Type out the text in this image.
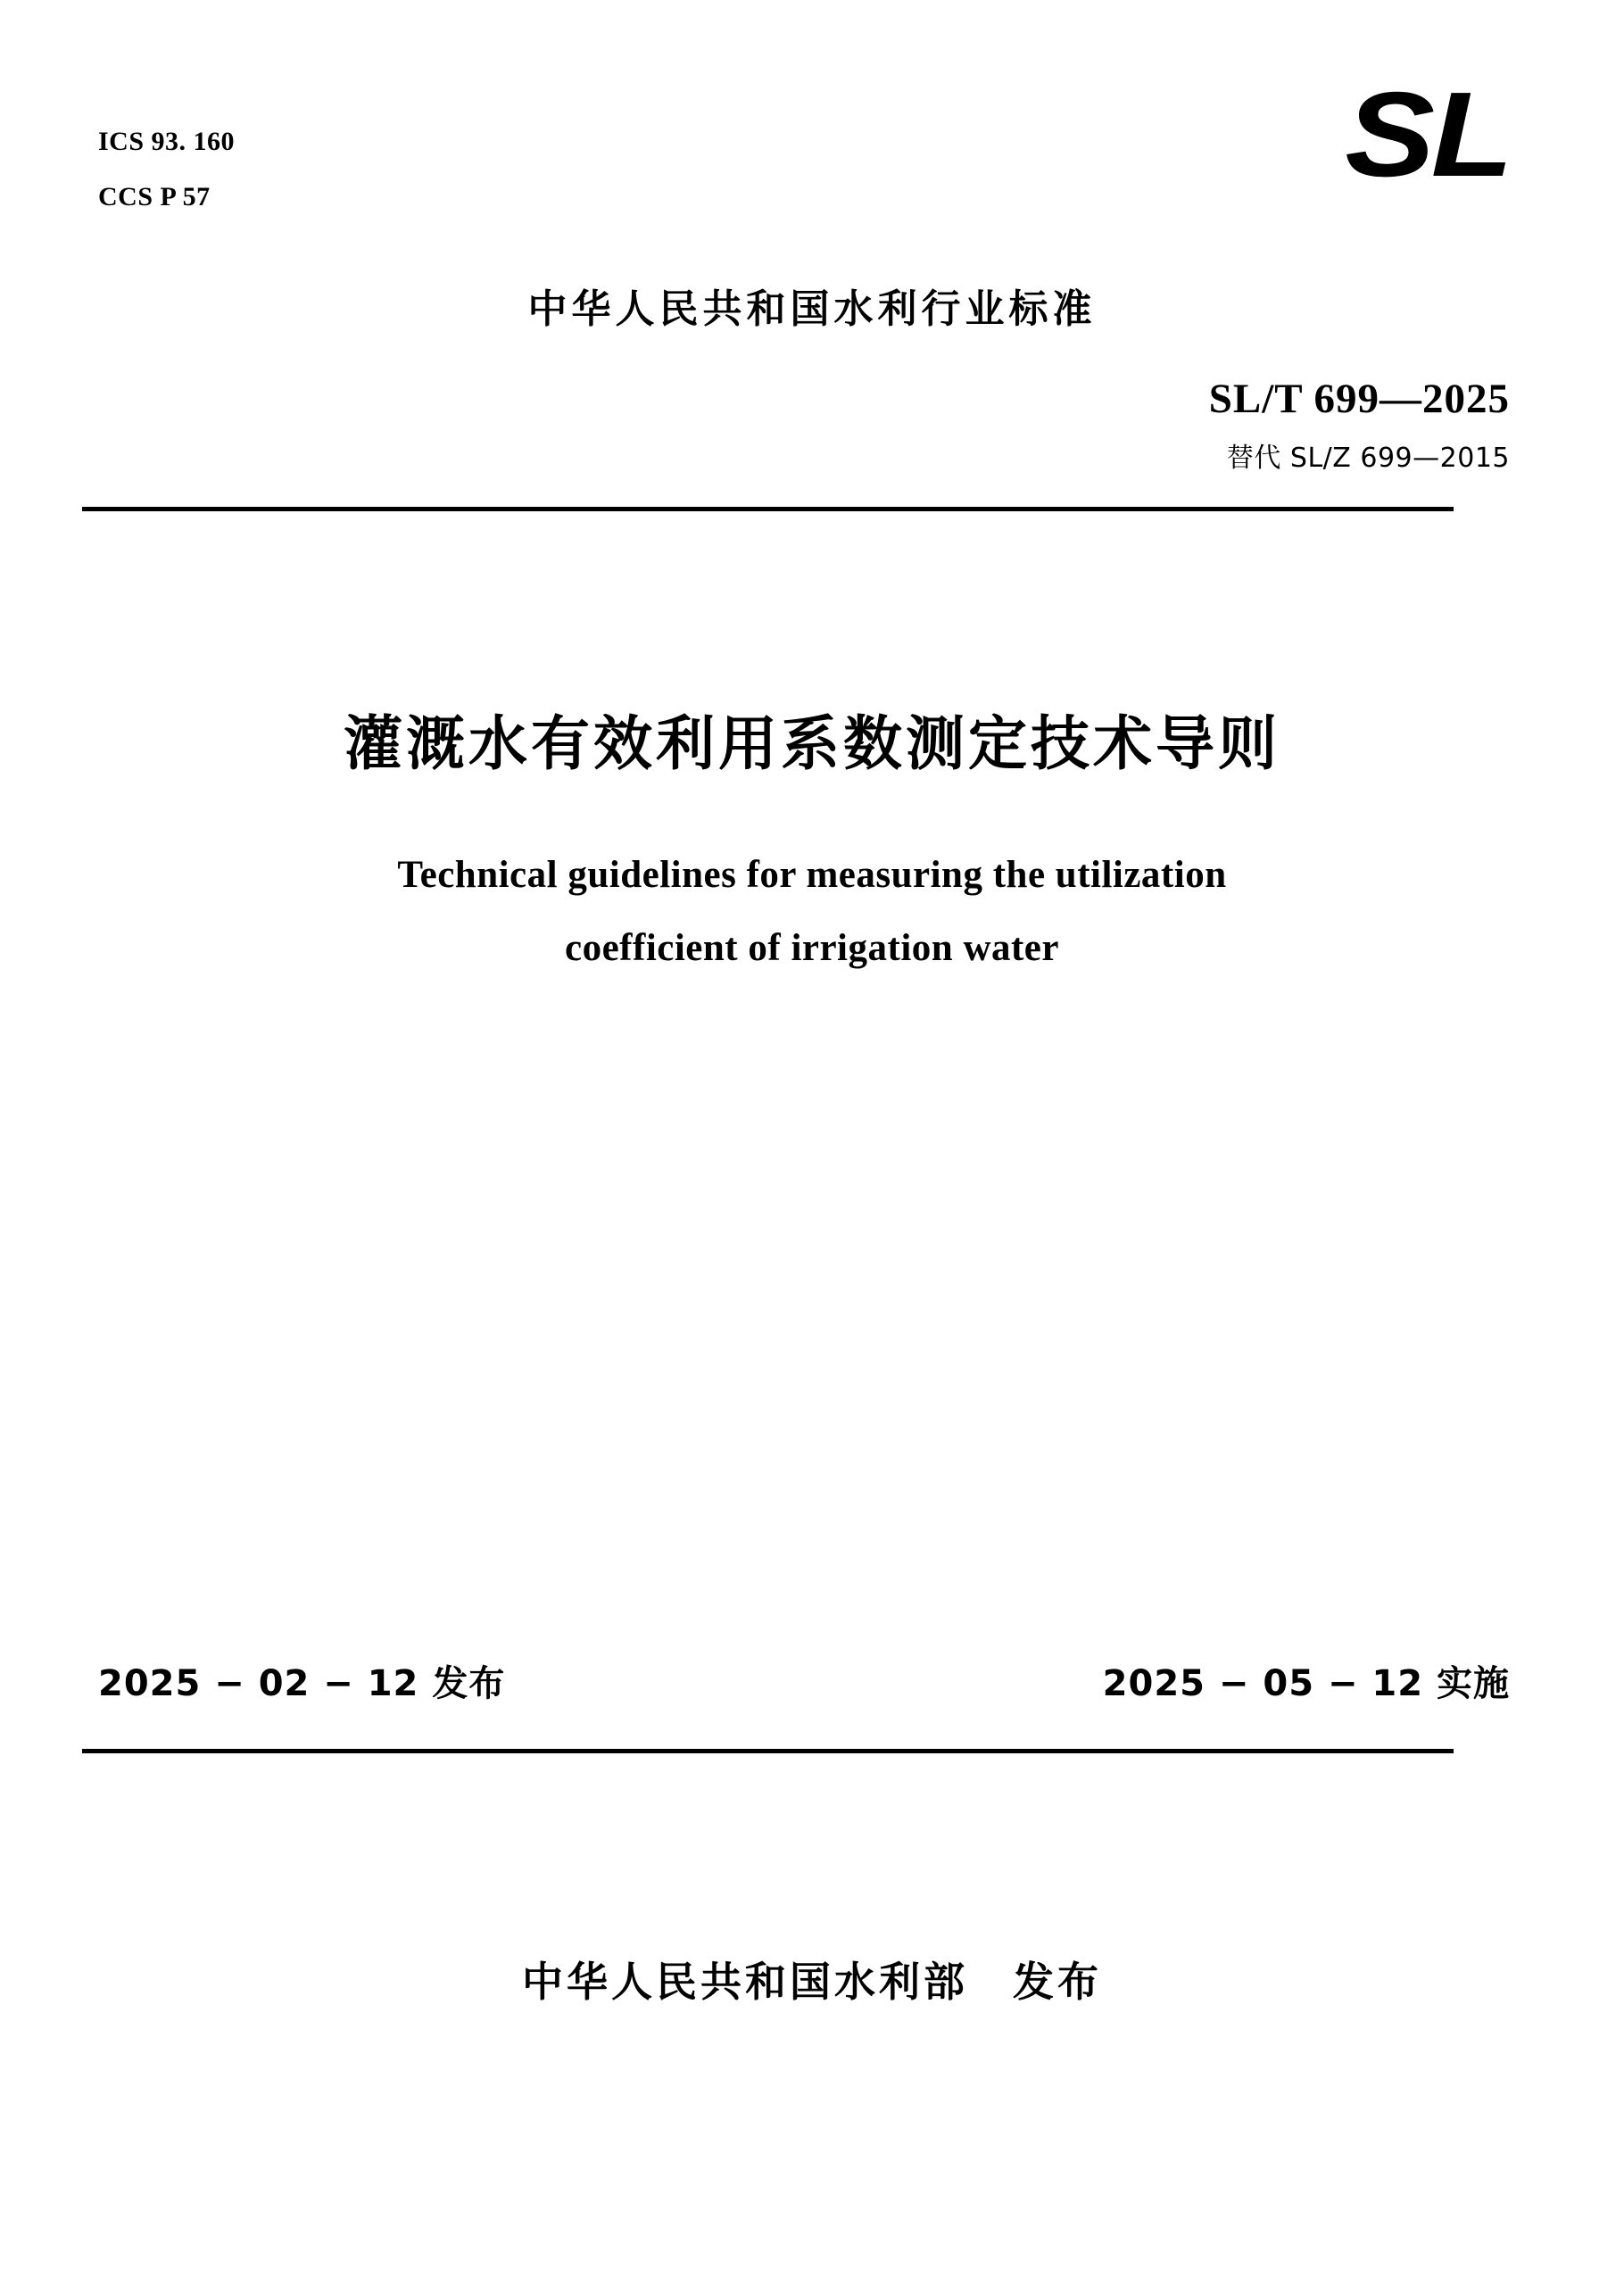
ICS 93. 160
CCS P 57	SL
中华人民共和国水利行业标准
SL/T 699—2025
替代 SL/Z 699—2015
灌溉水有效利用系数测定技术导则
Technical guidelines for measuring the utilization
coefficient of irrigation water
2025 − 02 − 12 发布	2025 − 05 − 12 实施
中华人民共和国水利部　发布
